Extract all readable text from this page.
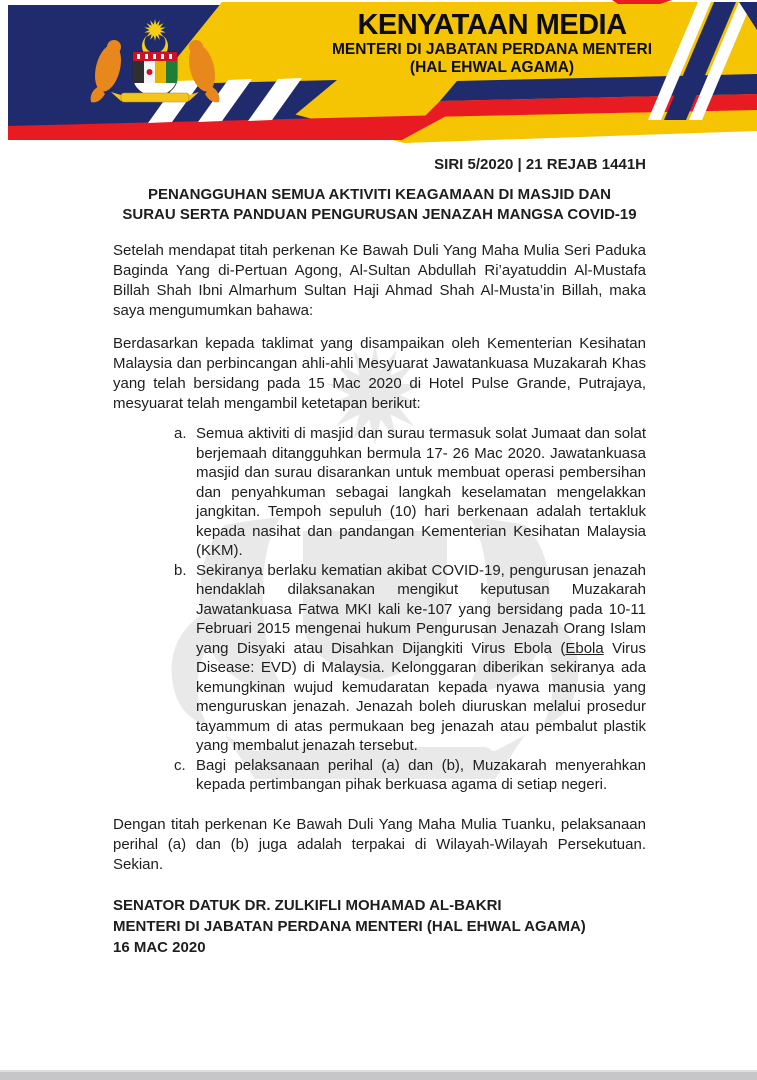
KENYATAAN MEDIA
MENTERI DI JABATAN PERDANA MENTERI
(HAL EHWAL AGAMA)

SIRI 5/2020 | 21 REJAB 1441H

PENANGGUHAN SEMUA AKTIVITI KEAGAMAAN DI MASJID DAN
SURAU SERTA PANDUAN PENGURUSAN JENAZAH MANGSA COVID-19

Setelah mendapat titah perkenan Ke Bawah Duli Yang Maha Mulia Seri Paduka Baginda Yang di-Pertuan Agong, Al-Sultan Abdullah Ri’ayatuddin Al-Mustafa Billah Shah Ibni Almarhum Sultan Haji Ahmad Shah Al-Musta’in Billah, maka saya mengumumkan bahawa:

Berdasarkan kepada taklimat yang disampaikan oleh Kementerian Kesihatan Malaysia dan perbincangan ahli-ahli Mesyuarat Jawatankuasa Muzakarah Khas yang telah bersidang pada 15 Mac 2020 di Hotel Pulse Grande, Putrajaya, mesyuarat telah mengambil ketetapan berikut:

a. Semua aktiviti di masjid dan surau termasuk solat Jumaat dan solat berjemaah ditangguhkan bermula 17- 26 Mac 2020. Jawatankuasa masjid dan surau disarankan untuk membuat operasi pembersihan dan penyahkuman sebagai langkah keselamatan mengelakkan jangkitan. Tempoh sepuluh (10) hari berkenaan adalah tertakluk kepada nasihat dan pandangan Kementerian Kesihatan Malaysia (KKM).
b. Sekiranya berlaku kematian akibat COVID-19, pengurusan jenazah hendaklah dilaksanakan mengikut keputusan Muzakarah Jawatankuasa Fatwa MKI kali ke-107 yang bersidang pada 10-11 Februari 2015 mengenai hukum Pengurusan Jenazah Orang Islam yang Disyaki atau Disahkan Dijangkiti Virus Ebola (Ebola Virus Disease: EVD) di Malaysia. Kelonggaran diberikan sekiranya ada kemungkinan wujud kemudaratan kepada nyawa manusia yang menguruskan jenazah. Jenazah boleh diuruskan melalui prosedur tayammum di atas permukaan beg jenazah atau pembalut plastik yang membalut jenazah tersebut.
c. Bagi pelaksanaan perihal (a) dan (b), Muzakarah menyerahkan kepada pertimbangan pihak berkuasa agama di setiap negeri.

Dengan titah perkenan Ke Bawah Duli Yang Maha Mulia Tuanku, pelaksanaan perihal (a) dan (b) juga adalah terpakai di Wilayah-Wilayah Persekutuan. Sekian.

SENATOR DATUK DR. ZULKIFLI MOHAMAD AL-BAKRI
MENTERI DI JABATAN PERDANA MENTERI (HAL EHWAL AGAMA)
16 MAC 2020
